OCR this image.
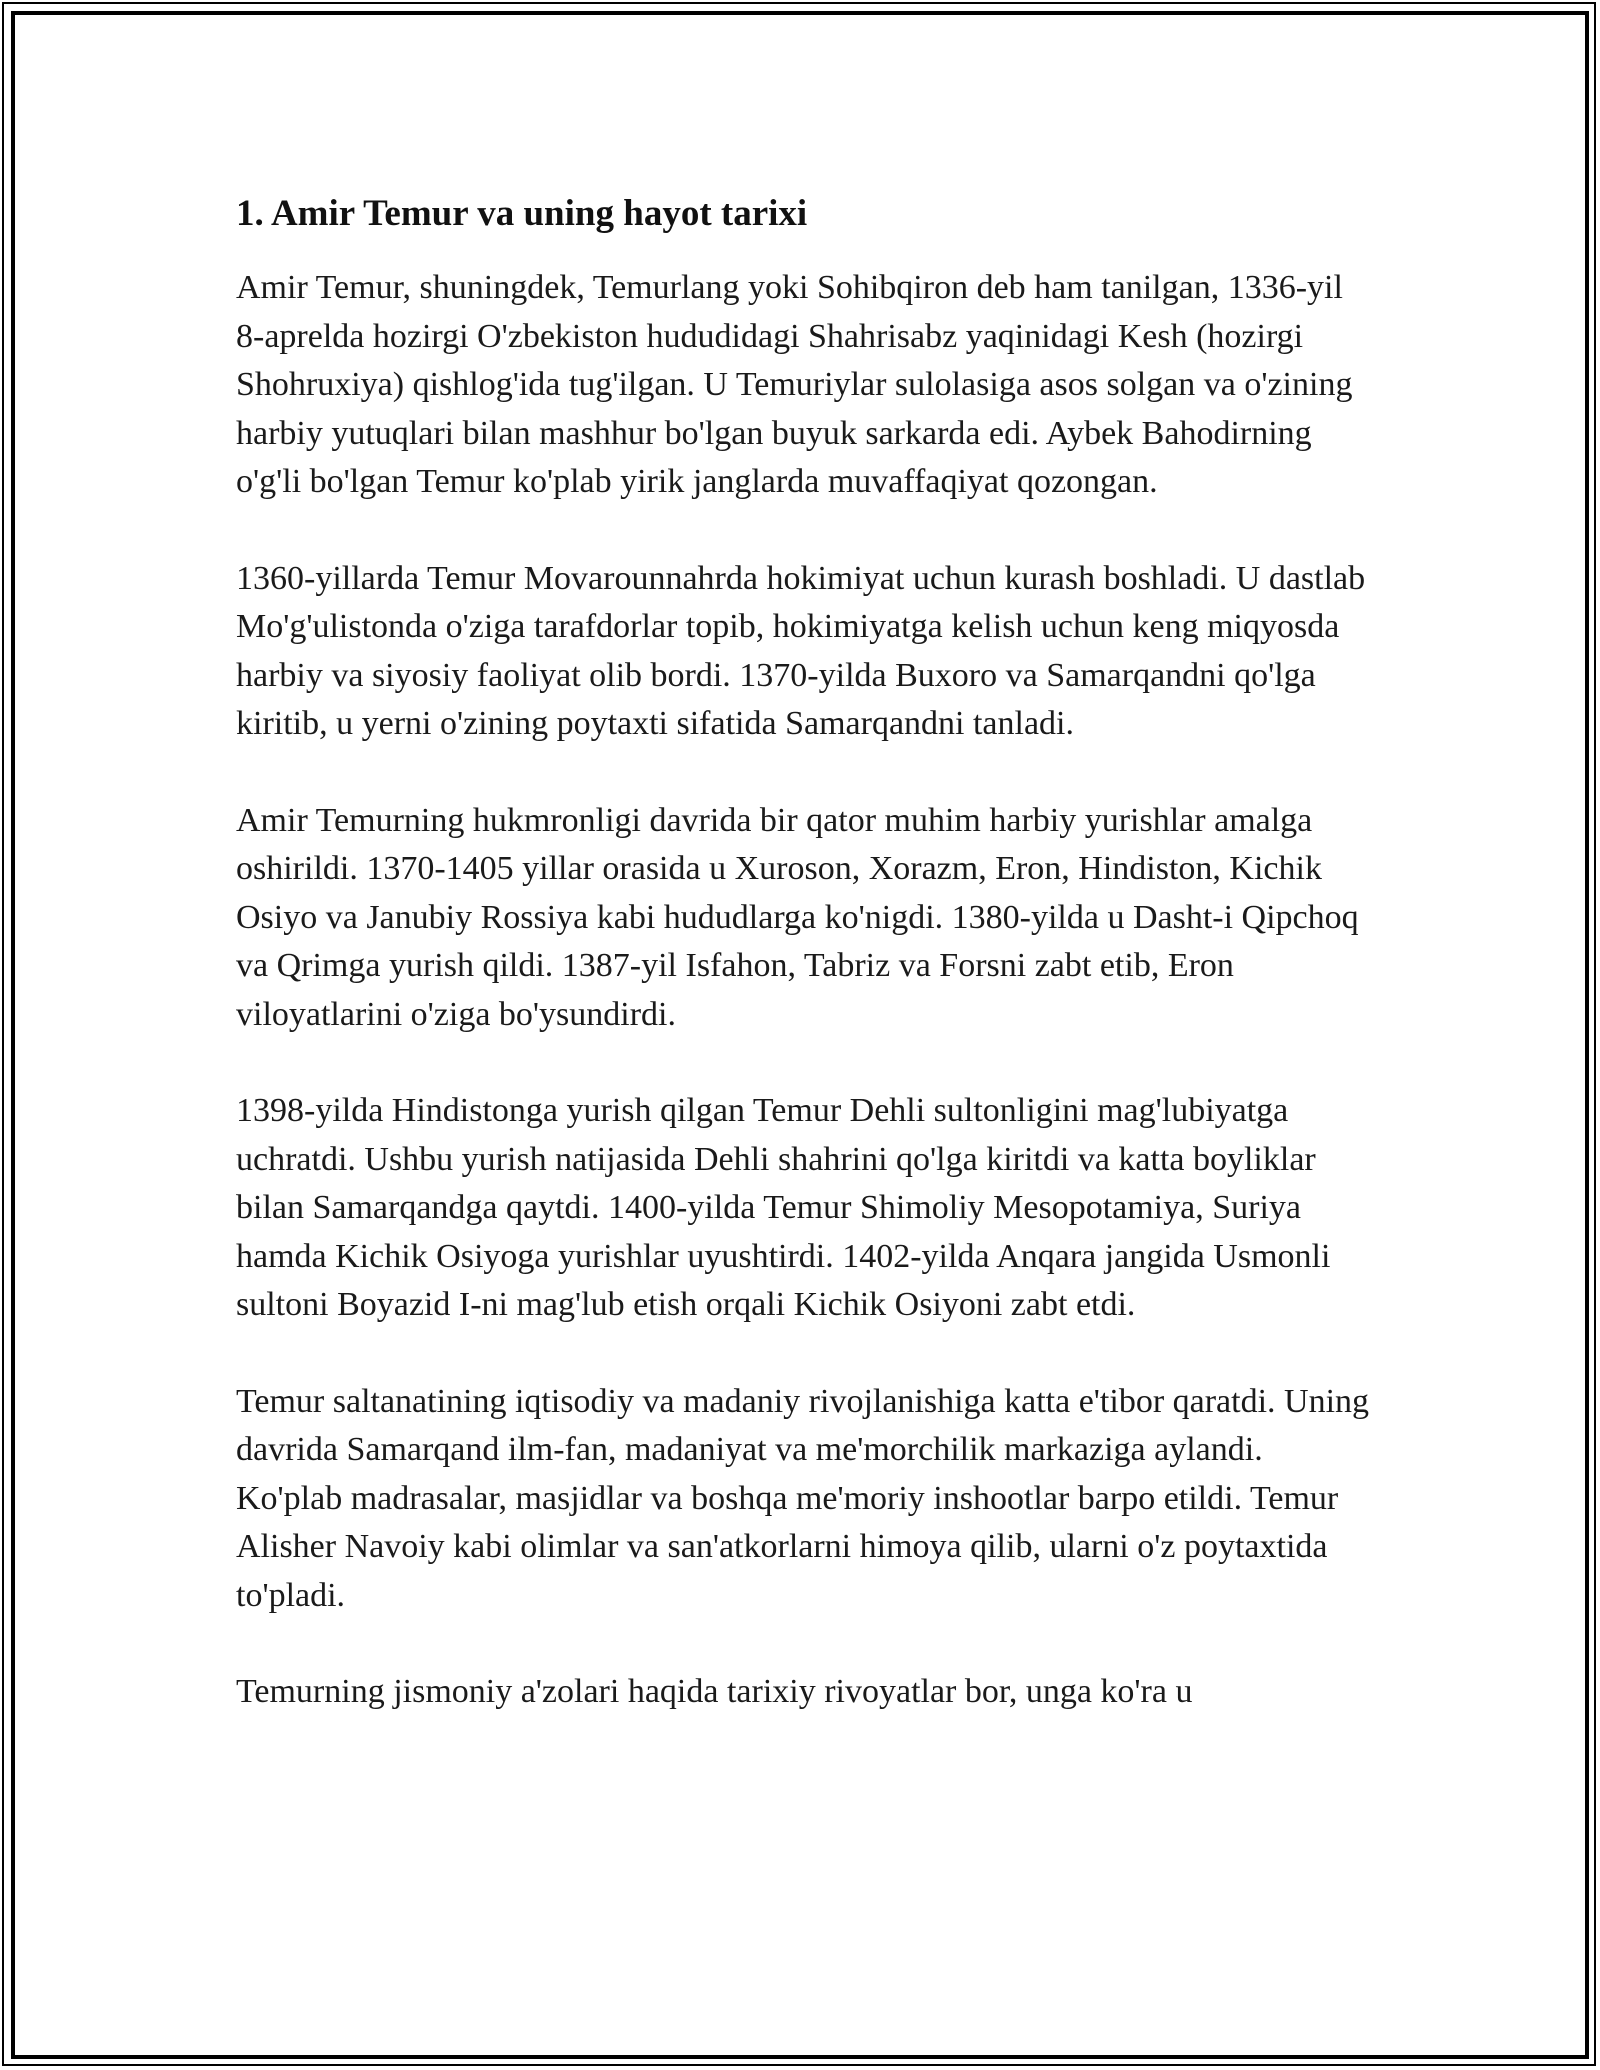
1. Amir Temur va uning hayot tarixi

Amir Temur, shuningdek, Temurlang yoki Sohibqiron deb ham tanilgan, 1336-yil 8-aprelda hozirgi O'zbekiston hududidagi Shahrisabz yaqinidagi Kesh (hozirgi Shohruxiya) qishlog'ida tug'ilgan. U Temuriylar sulolasiga asos solgan va o'zining harbiy yutuqlari bilan mashhur bo'lgan buyuk sarkarda edi. Aybek Bahodirning o'g'li bo'lgan Temur ko'plab yirik janglarda muvaffaqiyat qozongan.

1360-yillarda Temur Movarounnahrda hokimiyat uchun kurash boshladi. U dastlab Mo'g'ulistonda o'ziga tarafdorlar topib, hokimiyatga kelish uchun keng miqyosda harbiy va siyosiy faoliyat olib bordi. 1370-yilda Buxoro va Samarqandni qo'lga kiritib, u yerni o'zining poytaxti sifatida Samarqandni tanladi.

Amir Temurning hukmronligi davrida bir qator muhim harbiy yurishlar amalga oshirildi. 1370-1405 yillar orasida u Xuroson, Xorazm, Eron, Hindiston, Kichik Osiyo va Janubiy Rossiya kabi hududlarga ko'nigdi. 1380-yilda u Dasht-i Qipchoq va Qrimga yurish qildi. 1387-yil Isfahon, Tabriz va Forsni zabt etib, Eron viloyatlarini o'ziga bo'ysundirdi.

1398-yilda Hindistonga yurish qilgan Temur Dehli sultonligini mag'lubiyatga uchratdi. Ushbu yurish natijasida Dehli shahrini qo'lga kiritdi va katta boyliklar bilan Samarqandga qaytdi. 1400-yilda Temur Shimoliy Mesopotamiya, Suriya hamda Kichik Osiyoga yurishlar uyushtirdi. 1402-yilda Anqara jangida Usmonli sultoni Boyazid I-ni mag'lub etish orqali Kichik Osiyoni zabt etdi.

Temur saltanatining iqtisodiy va madaniy rivojlanishiga katta e'tibor qaratdi. Uning davrida Samarqand ilm-fan, madaniyat va me'morchilik markaziga aylandi. Ko'plab madrasalar, masjidlar va boshqa me'moriy inshootlar barpo etildi. Temur Alisher Navoiy kabi olimlar va san'atkorlarni himoya qilib, ularni o'z poytaxtida to'pladi.

Temurning jismoniy a'zolari haqida tarixiy rivoyatlar bor, unga ko'ra u
